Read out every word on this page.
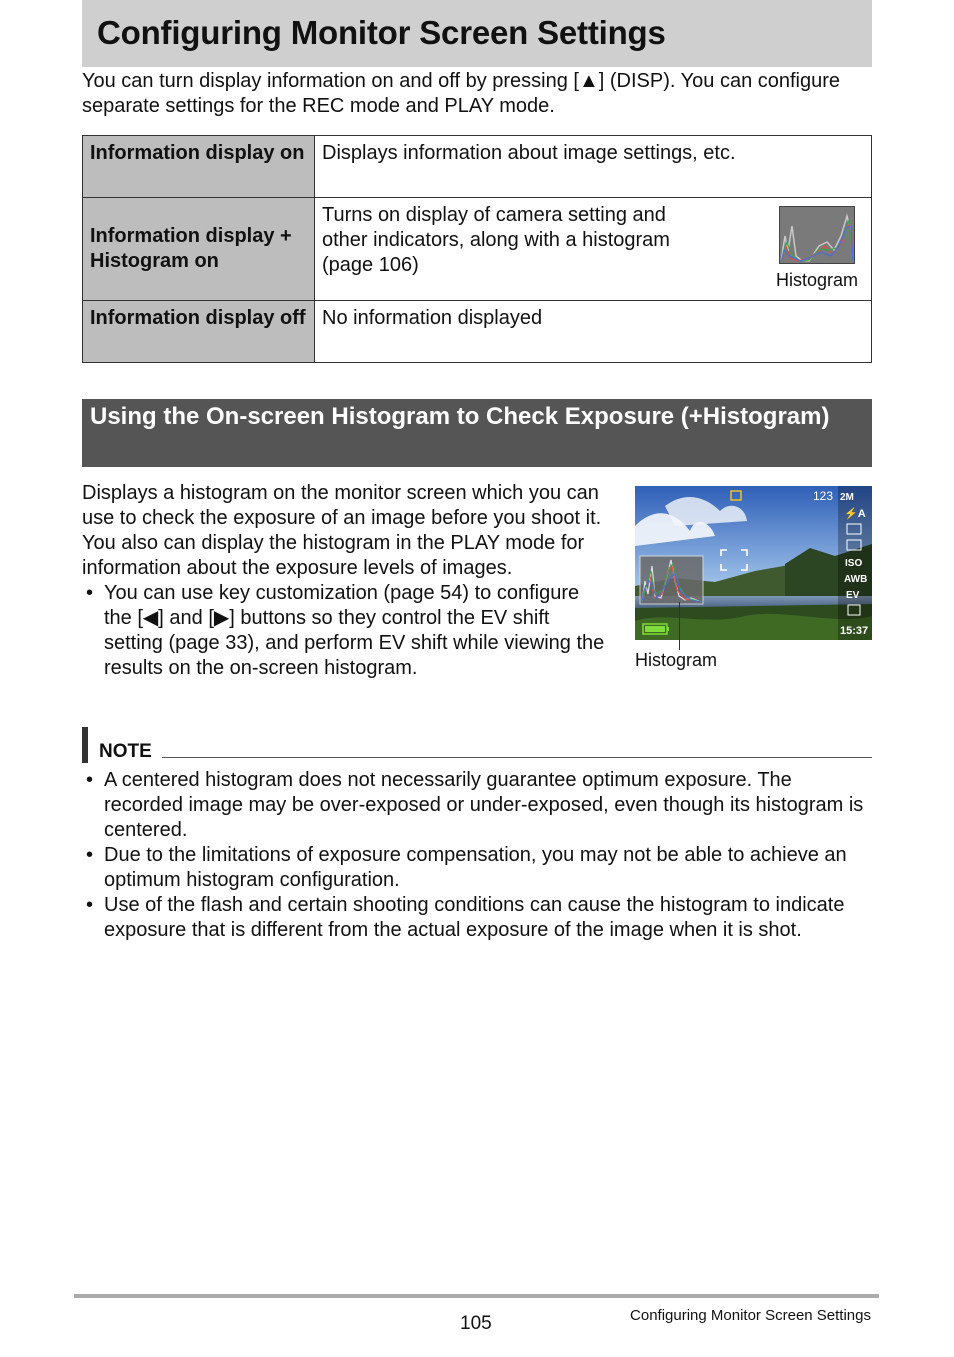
Configuring Monitor Screen Settings
You can turn display information on and off by pressing [▲] (DISP). You can configure separate settings for the REC mode and PLAY mode.
Information display on	Displays information about image settings, etc.
Information display + Histogram on	Turns on display of camera setting and other indicators, along with a histogram (page 106)
Histogram

Information display off	No information displayed
Using the On-screen Histogram to Check Exposure (+Histogram)

Displays a histogram on the monitor screen which you can use to check the exposure of an image before you shoot it. You also can display the histogram in the PLAY mode for information about the exposure levels of images.

• You can use key customization (page 54) to configure the [◀] and [▶] buttons so they control the EV shift setting (page 33), and perform EV shift while viewing the results on the on-screen histogram.
123 2M
⚡A
ISO
AWB
EV
15:37
Histogram
NOTE
• A centered histogram does not necessarily guarantee optimum exposure. The recorded image may be over-exposed or under-exposed, even though its histogram is centered.
• Due to the limitations of exposure compensation, you may not be able to achieve an optimum histogram configuration.
• Use of the flash and certain shooting conditions can cause the histogram to indicate exposure that is different from the actual exposure of the image when it is shot.
105	Configuring Monitor Screen Settings
